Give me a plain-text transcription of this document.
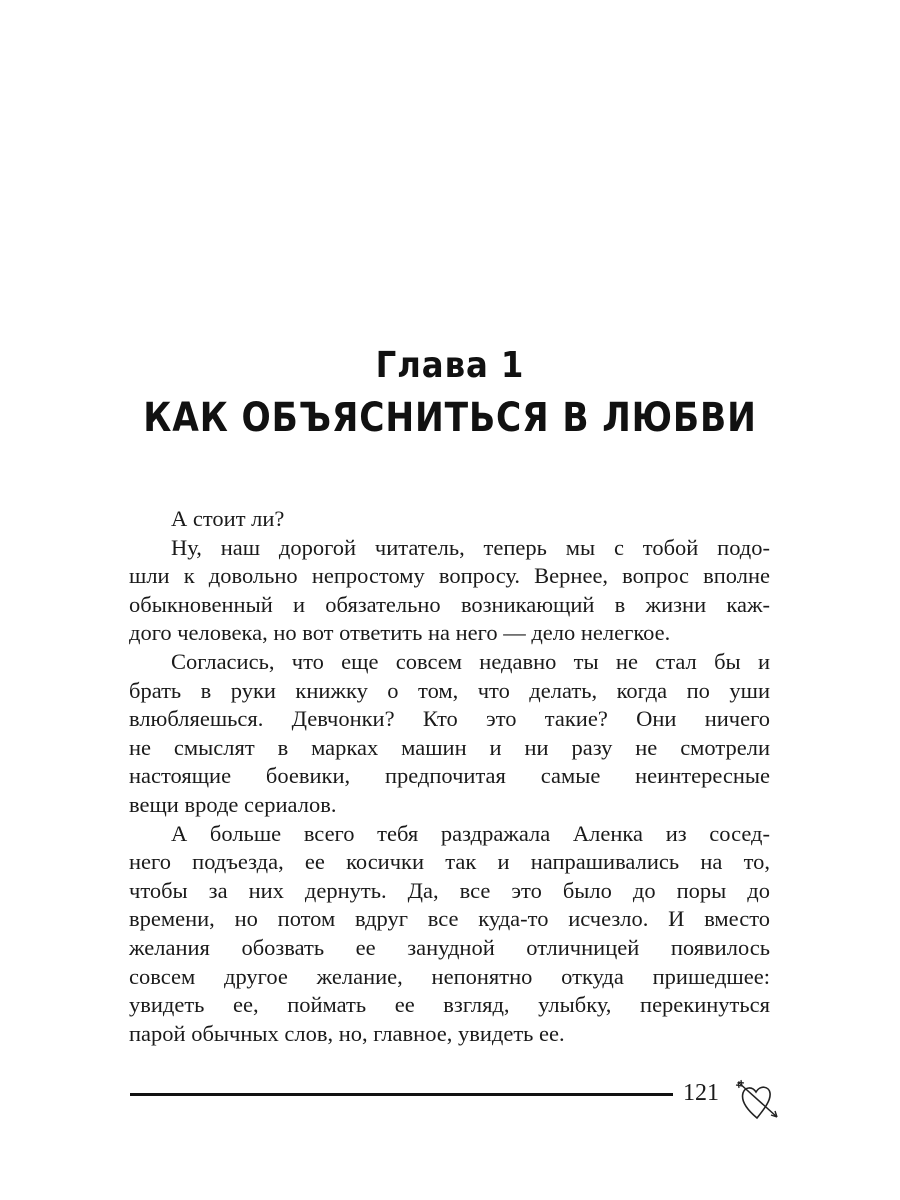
Глава 1
КАК ОБЪЯСНИТЬСЯ В ЛЮБВИ
А стоит ли?
Ну, наш дорогой читатель, теперь мы с тобой подо-
шли к довольно непростому вопросу. Вернее, вопрос вполне
обыкновенный и обязательно возникающий в жизни каж-
дого человека, но вот ответить на него — дело нелегкое.
Согласись, что еще совсем недавно ты не стал бы и
брать в руки книжку о том, что делать, когда по уши
влюбляешься. Девчонки? Кто это такие? Они ничего
не смыслят в марках машин и ни разу не смотрели
настоящие боевики, предпочитая самые неинтересные
вещи вроде сериалов.
А больше всего тебя раздражала Аленка из сосед-
него подъезда, ее косички так и напрашивались на то,
чтобы за них дернуть. Да, все это было до поры до
времени, но потом вдруг все куда-то исчезло. И вместо
желания обозвать ее занудной отличницей появилось
совсем другое желание, непонятно откуда пришедшее:
увидеть ее, поймать ее взгляд, улыбку, перекинуться
парой обычных слов, но, главное, увидеть ее.
121
